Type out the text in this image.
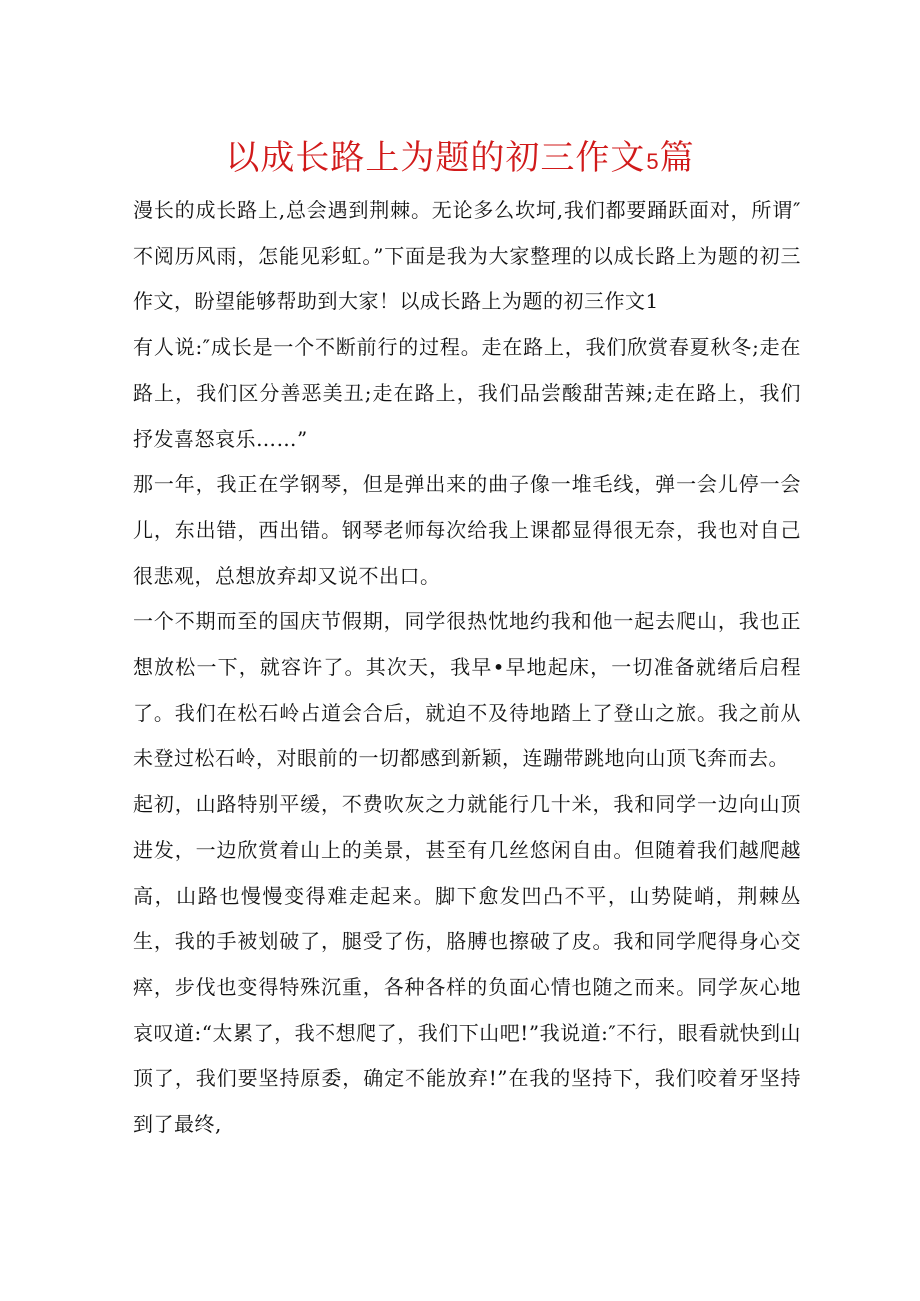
以成长路上为题的初三作文5篇

漫长的成长路上,总会遇到荆棘。无论多么坎坷,我们都要踊跃面对，所谓″不阅历风雨，怎能见彩虹。”下面是我为大家整理的以成长路上为题的初三作文，盼望能够帮助到大家！以成长路上为题的初三作文1

有人说:″成长是一个不断前行的过程。走在路上，我们欣赏春夏秋冬;走在路上，我们区分善恶美丑;走在路上，我们品尝酸甜苦辣;走在路上，我们抒发喜怒哀乐……”

那一年，我正在学钢琴，但是弹出来的曲子像一堆毛线，弹一会儿停一会儿，东出错，西出错。钢琴老师每次给我上课都显得很无奈，我也对自己很悲观，总想放弃却又说不出口。

一个不期而至的国庆节假期，同学很热忱地约我和他一起去爬山，我也正想放松一下，就容许了。其次天，我早•早地起床，一切准备就绪后启程了。我们在松石岭占道会合后，就迫不及待地踏上了登山之旅。我之前从未登过松石岭，对眼前的一切都感到新颖，连蹦带跳地向山顶飞奔而去。

起初，山路特别平缓，不费吹灰之力就能行几十米，我和同学一边向山顶进发，一边欣赏着山上的美景，甚至有几丝悠闲自由。但随着我们越爬越高，山路也慢慢变得难走起来。脚下愈发凹凸不平，山势陡峭，荆棘丛生，我的手被划破了，腿受了伤，胳膊也擦破了皮。我和同学爬得身心交瘁，步伐也变得特殊沉重，各种各样的负面心情也随之而来。同学灰心地哀叹道:“太累了，我不想爬了，我们下山吧!”我说道:″不行，眼看就快到山顶了，我们要坚持原委，确定不能放弃!”在我的坚持下，我们咬着牙坚持到了最终,
